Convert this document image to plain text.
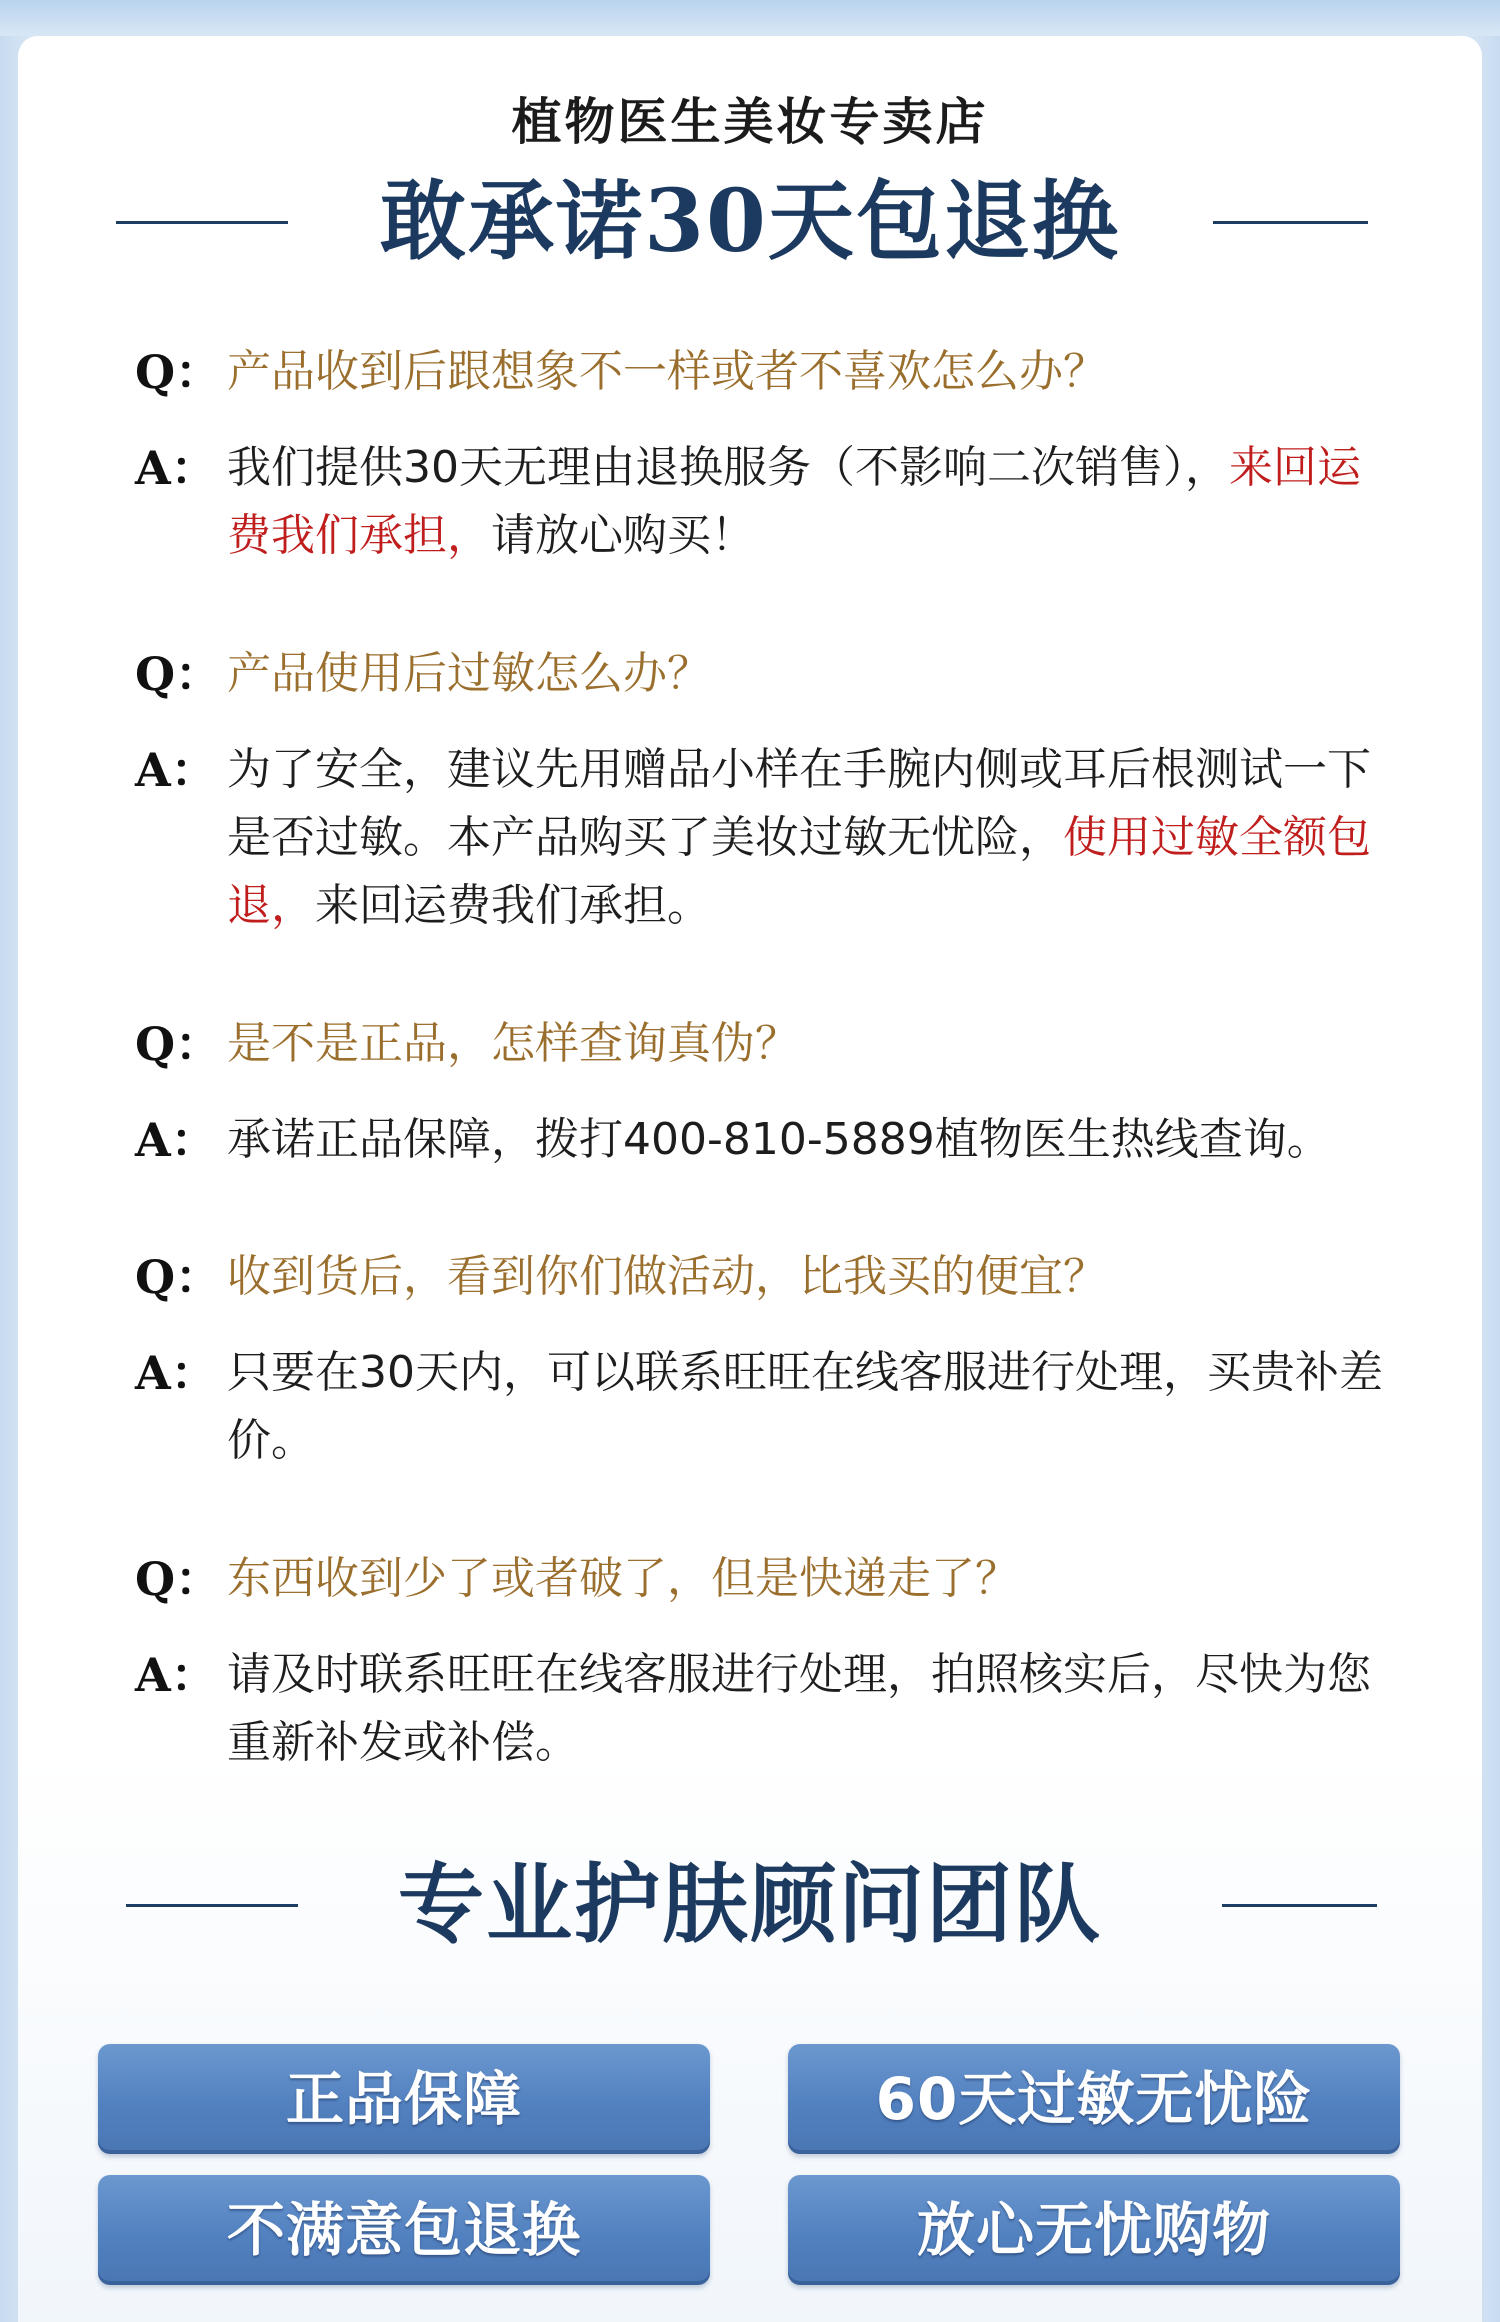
植物医生美妆专卖店
敢承诺30天包退换
Q： 产品收到后跟想象不一样或者不喜欢怎么办？
A： 我们提供30天无理由退换服务（不影响二次销售），来回运费我们承担，请放心购买！
Q： 产品使用后过敏怎么办？
A： 为了安全，建议先用赠品小样在手腕内侧或耳后根测试一下是否过敏。本产品购买了美妆过敏无忧险，使用过敏全额包退，来回运费我们承担。
Q： 是不是正品，怎样查询真伪？
A： 承诺正品保障，拨打400-810-5889植物医生热线查询。
Q： 收到货后，看到你们做活动，比我买的便宜？
A： 只要在30天内，可以联系旺旺在线客服进行处理，买贵补差价。
Q： 东西收到少了或者破了，但是快递走了？
A： 请及时联系旺旺在线客服进行处理，拍照核实后，尽快为您重新补发或补偿。
专业护肤顾问团队
正品保障	60天过敏无忧险
不满意包退换	放心无忧购物
